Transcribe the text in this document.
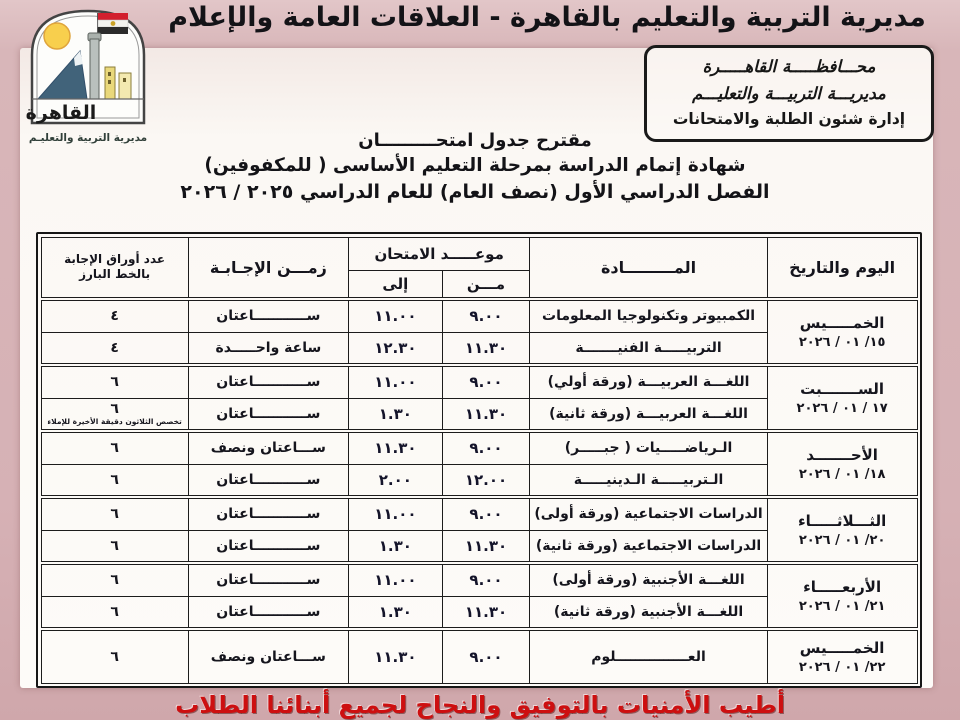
مديرية التربية والتعليم بالقاهرة - العلاقات العامة والإعلام
القاهرة
مديرية التربية والتعليـم
محـــافظـــــة القاهـــــرة
مديريـــة التربيـــة والتعليـــم
إدارة شئون الطلبة والامتحانات
مقترح جدول امتحـــــــــان
شهادة إتمام الدراسة بمرحلة التعليم الأساسى ( للمكفوفين)
الفصل الدراسي الأول (نصف العام) للعام الدراسي ٢٠٢٥ / ٢٠٢٦
اليوم والتاريخ	المـــــــــادة	موعـــــد الامتحان		زمـــن الإجـابـة	عدد أوراق الإجابة
بالخط البارز

		مـــن	إلى		

الخمـــــيس
١٥/ ٠١ / ٢٠٢٦	الكمبيوتر وتكنولوجيا المعلومات	٩.٠٠	١١.٠٠	ســـــــــــاعتان	٤

	التربيـــــة الفنيـــــــة	١١.٣٠	١٢.٣٠	ساعة واحـــــدة	٤

الســـــــبت
١٧ / ٠١ / ٢٠٢٦	اللغـــة العربيـــة (ورقة أولي)	٩.٠٠	١١.٠٠	ســـــــــــاعتان	٦

	اللغـــة العربيـــة (ورقة ثانية)	١١.٣٠	١.٣٠	ســـــــــــاعتان	٦
تخصص الثلاثون دقيقة الأخيرة للإملاء

الأحـــــــد
١٨/ ٠١ / ٢٠٢٦	الـرياضـــــيات ( جبـــــر)	٩.٠٠	١١.٣٠	ســـاعتان ونصف	٦

	الـتربيـــــة الـدينيـــــة	١٢.٠٠	٢.٠٠	ســـــــــــاعتان	٦

الثـــلاثـــــاء
٢٠/ ٠١ / ٢٠٢٦	الدراسات الاجتماعية (ورقة أولى)	٩.٠٠	١١.٠٠	ســـــــــــاعتان	٦

	الدراسات الاجتماعية (ورقة ثانية)	١١.٣٠	١.٣٠	ســـــــــــاعتان	٦

الأربعـــــاء
٢١/ ٠١ / ٢٠٢٦	اللغـــة الأجنبية (ورقة أولى)	٩.٠٠	١١.٠٠	ســـــــــــاعتان	٦

	اللغـــة الأجنبية (ورقة ثانية)	١١.٣٠	١.٣٠	ســـــــــــاعتان	٦

الخمـــــيس
٢٢/ ٠١ / ٢٠٢٦	العـــــــــــــــلوم	٩.٠٠	١١.٣٠	ســـاعتان ونصف	٦
أطيب الأمنيات بالتوفيق والنجاح لجميع أبنائنا الطلاب
